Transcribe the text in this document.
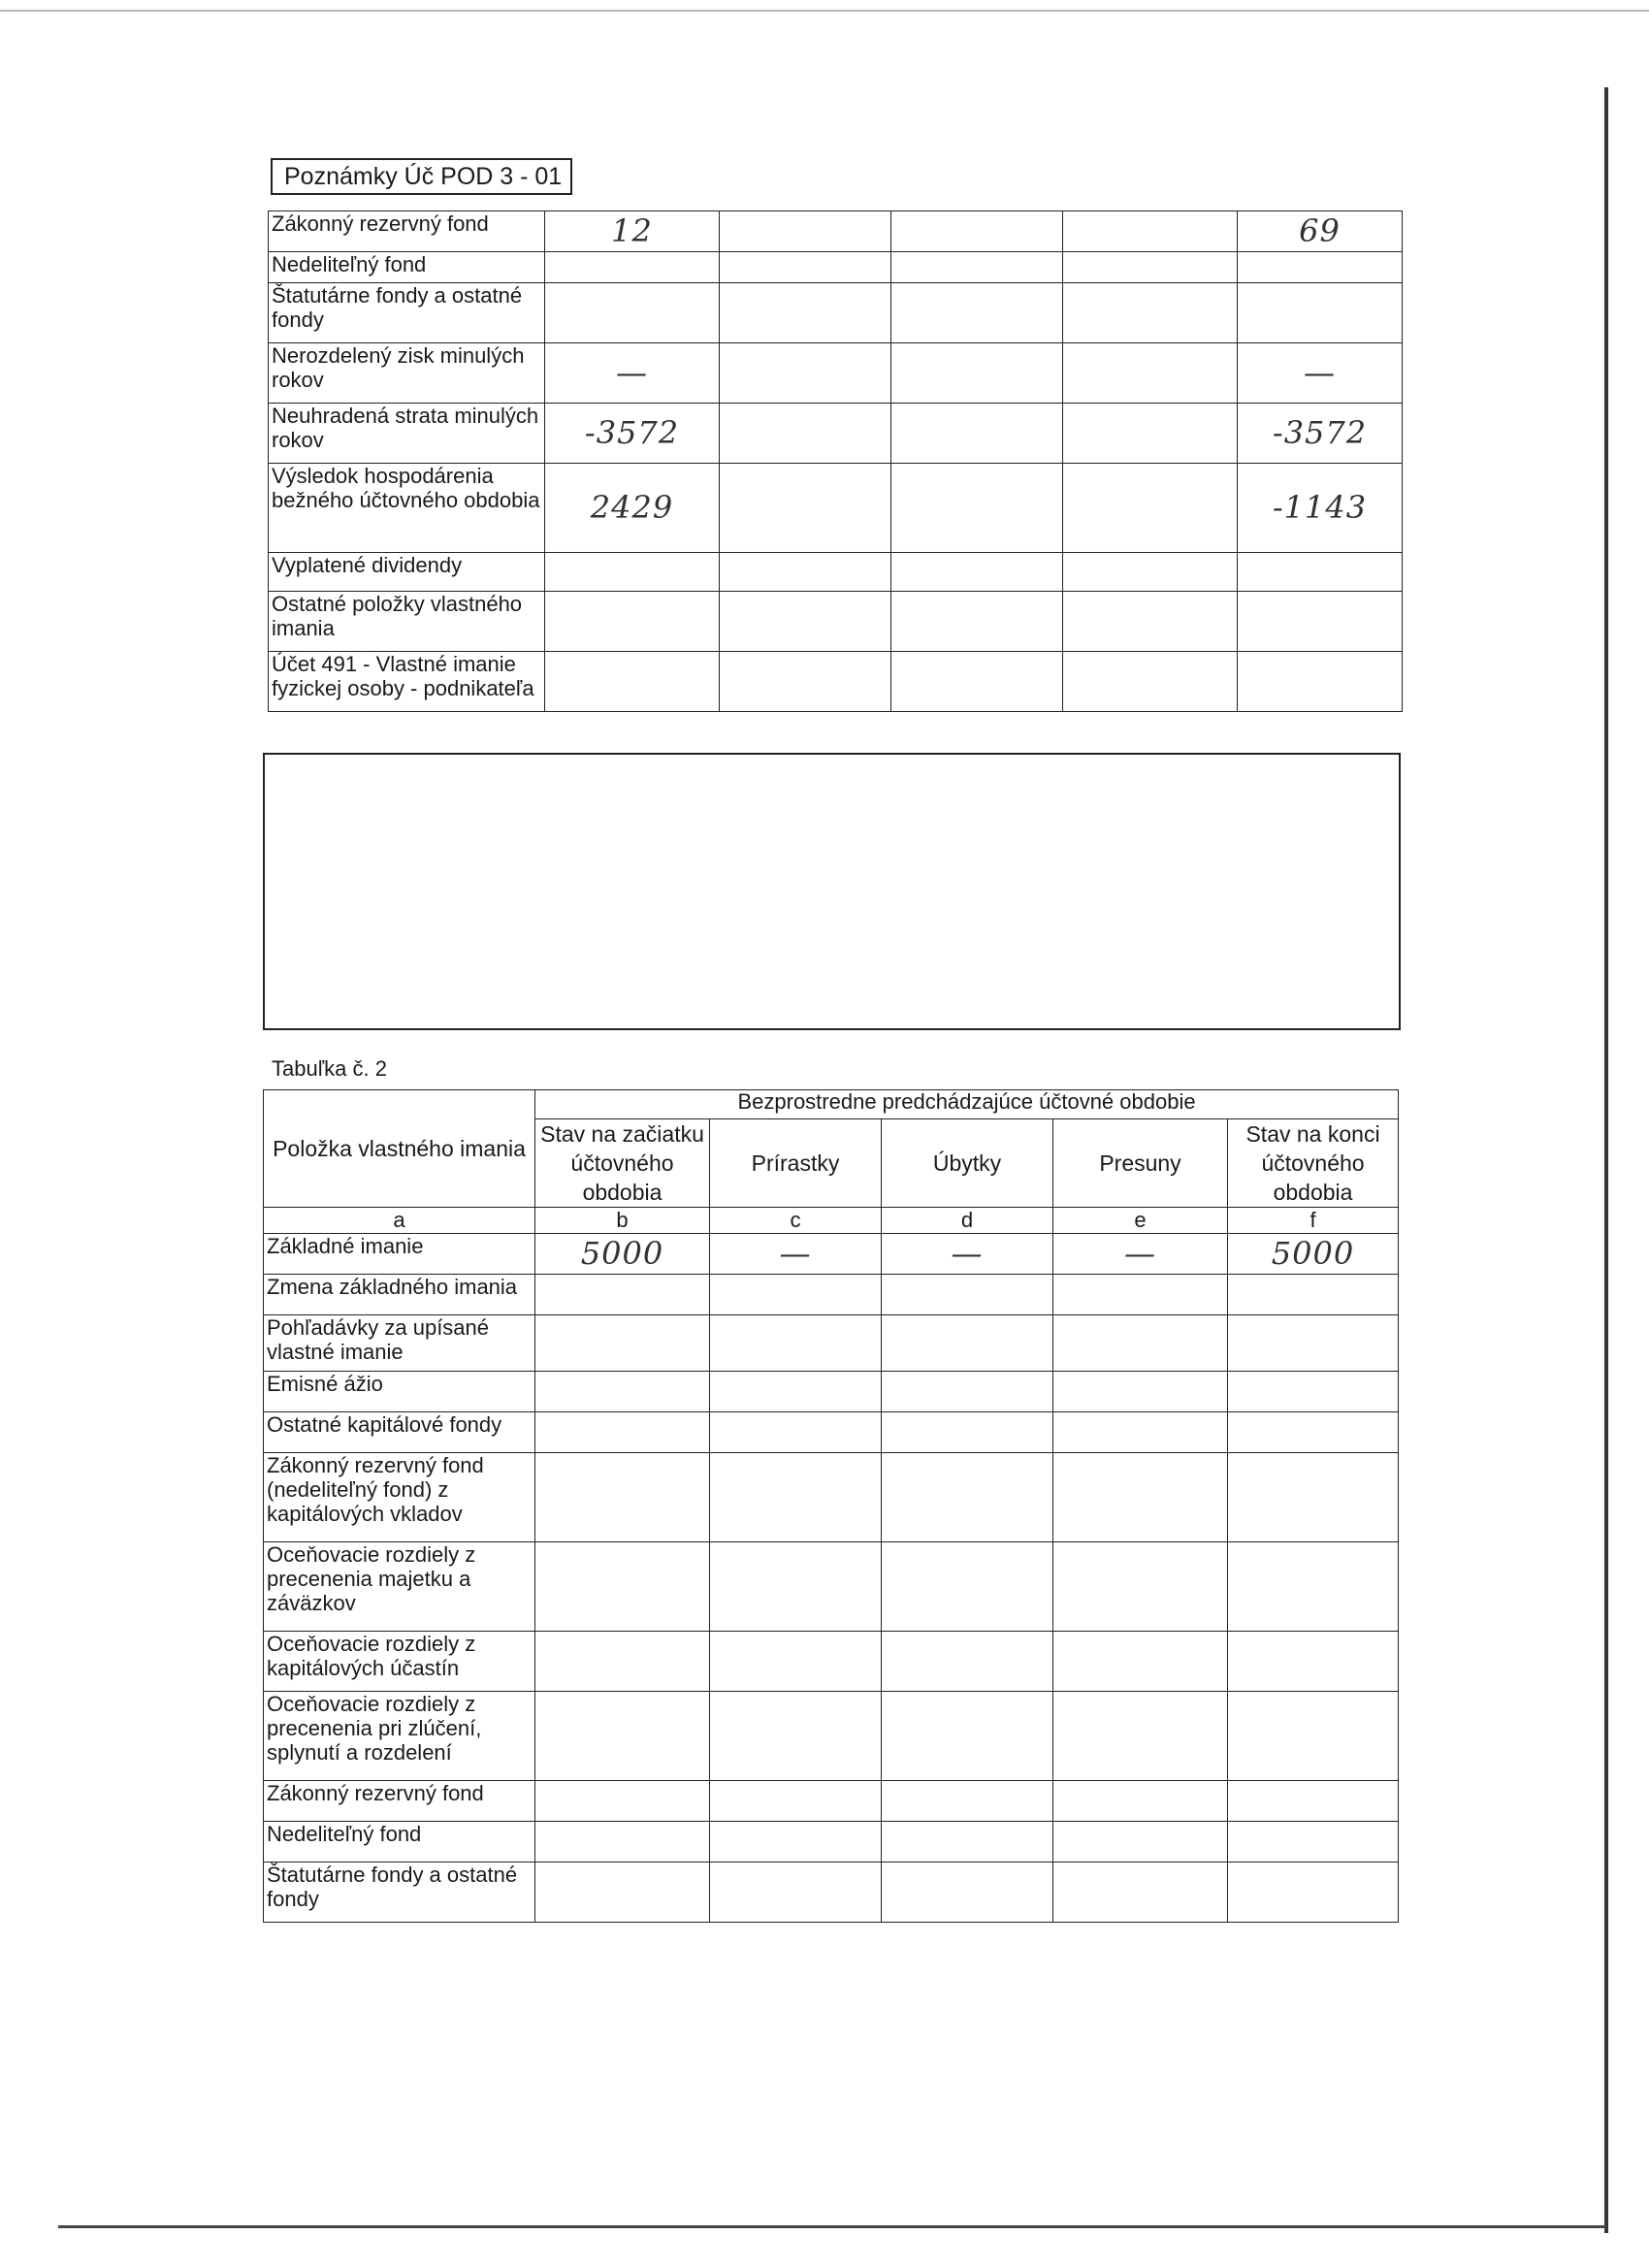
Poznámky Úč POD 3 - 01
Zákonný rezervný fond	12				69
Nedeliteľný fond					
Štatutárne fondy a ostatné fondy					
Nerozdelený zisk minulých rokov	—				—
Neuhradená strata minulých rokov	-3572				-3572
Výsledok hospodárenia bežného účtovného obdobia	2429				-1143
Vyplatené dividendy					
Ostatné položky vlastného imania					
Účet 491 - Vlastné imanie fyzickej osoby - podnikateľa					
Tabuľka č. 2
Položka vlastného imania	Bezprostredne predchádzajúce účtovné obdobie				
	Stav na začiatku účtovného obdobia	Prírastky	Úbytky	Presuny	Stav na konci účtovného obdobia
a	b	c	d	e	f
Základné imanie	5000	—	—	—	5000
Zmena základného imania					
Pohľadávky za upísané vlastné imanie					
Emisné ážio					
Ostatné kapitálové fondy					
Zákonný rezervný fond (nedeliteľný fond) z kapitálových vkladov					
Oceňovacie rozdiely z precenenia majetku a záväzkov					
Oceňovacie rozdiely z kapitálových účastín					
Oceňovacie rozdiely z precenenia pri zlúčení, splynutí a rozdelení					
Zákonný rezervný fond					
Nedeliteľný fond					
Štatutárne fondy a ostatné fondy					
